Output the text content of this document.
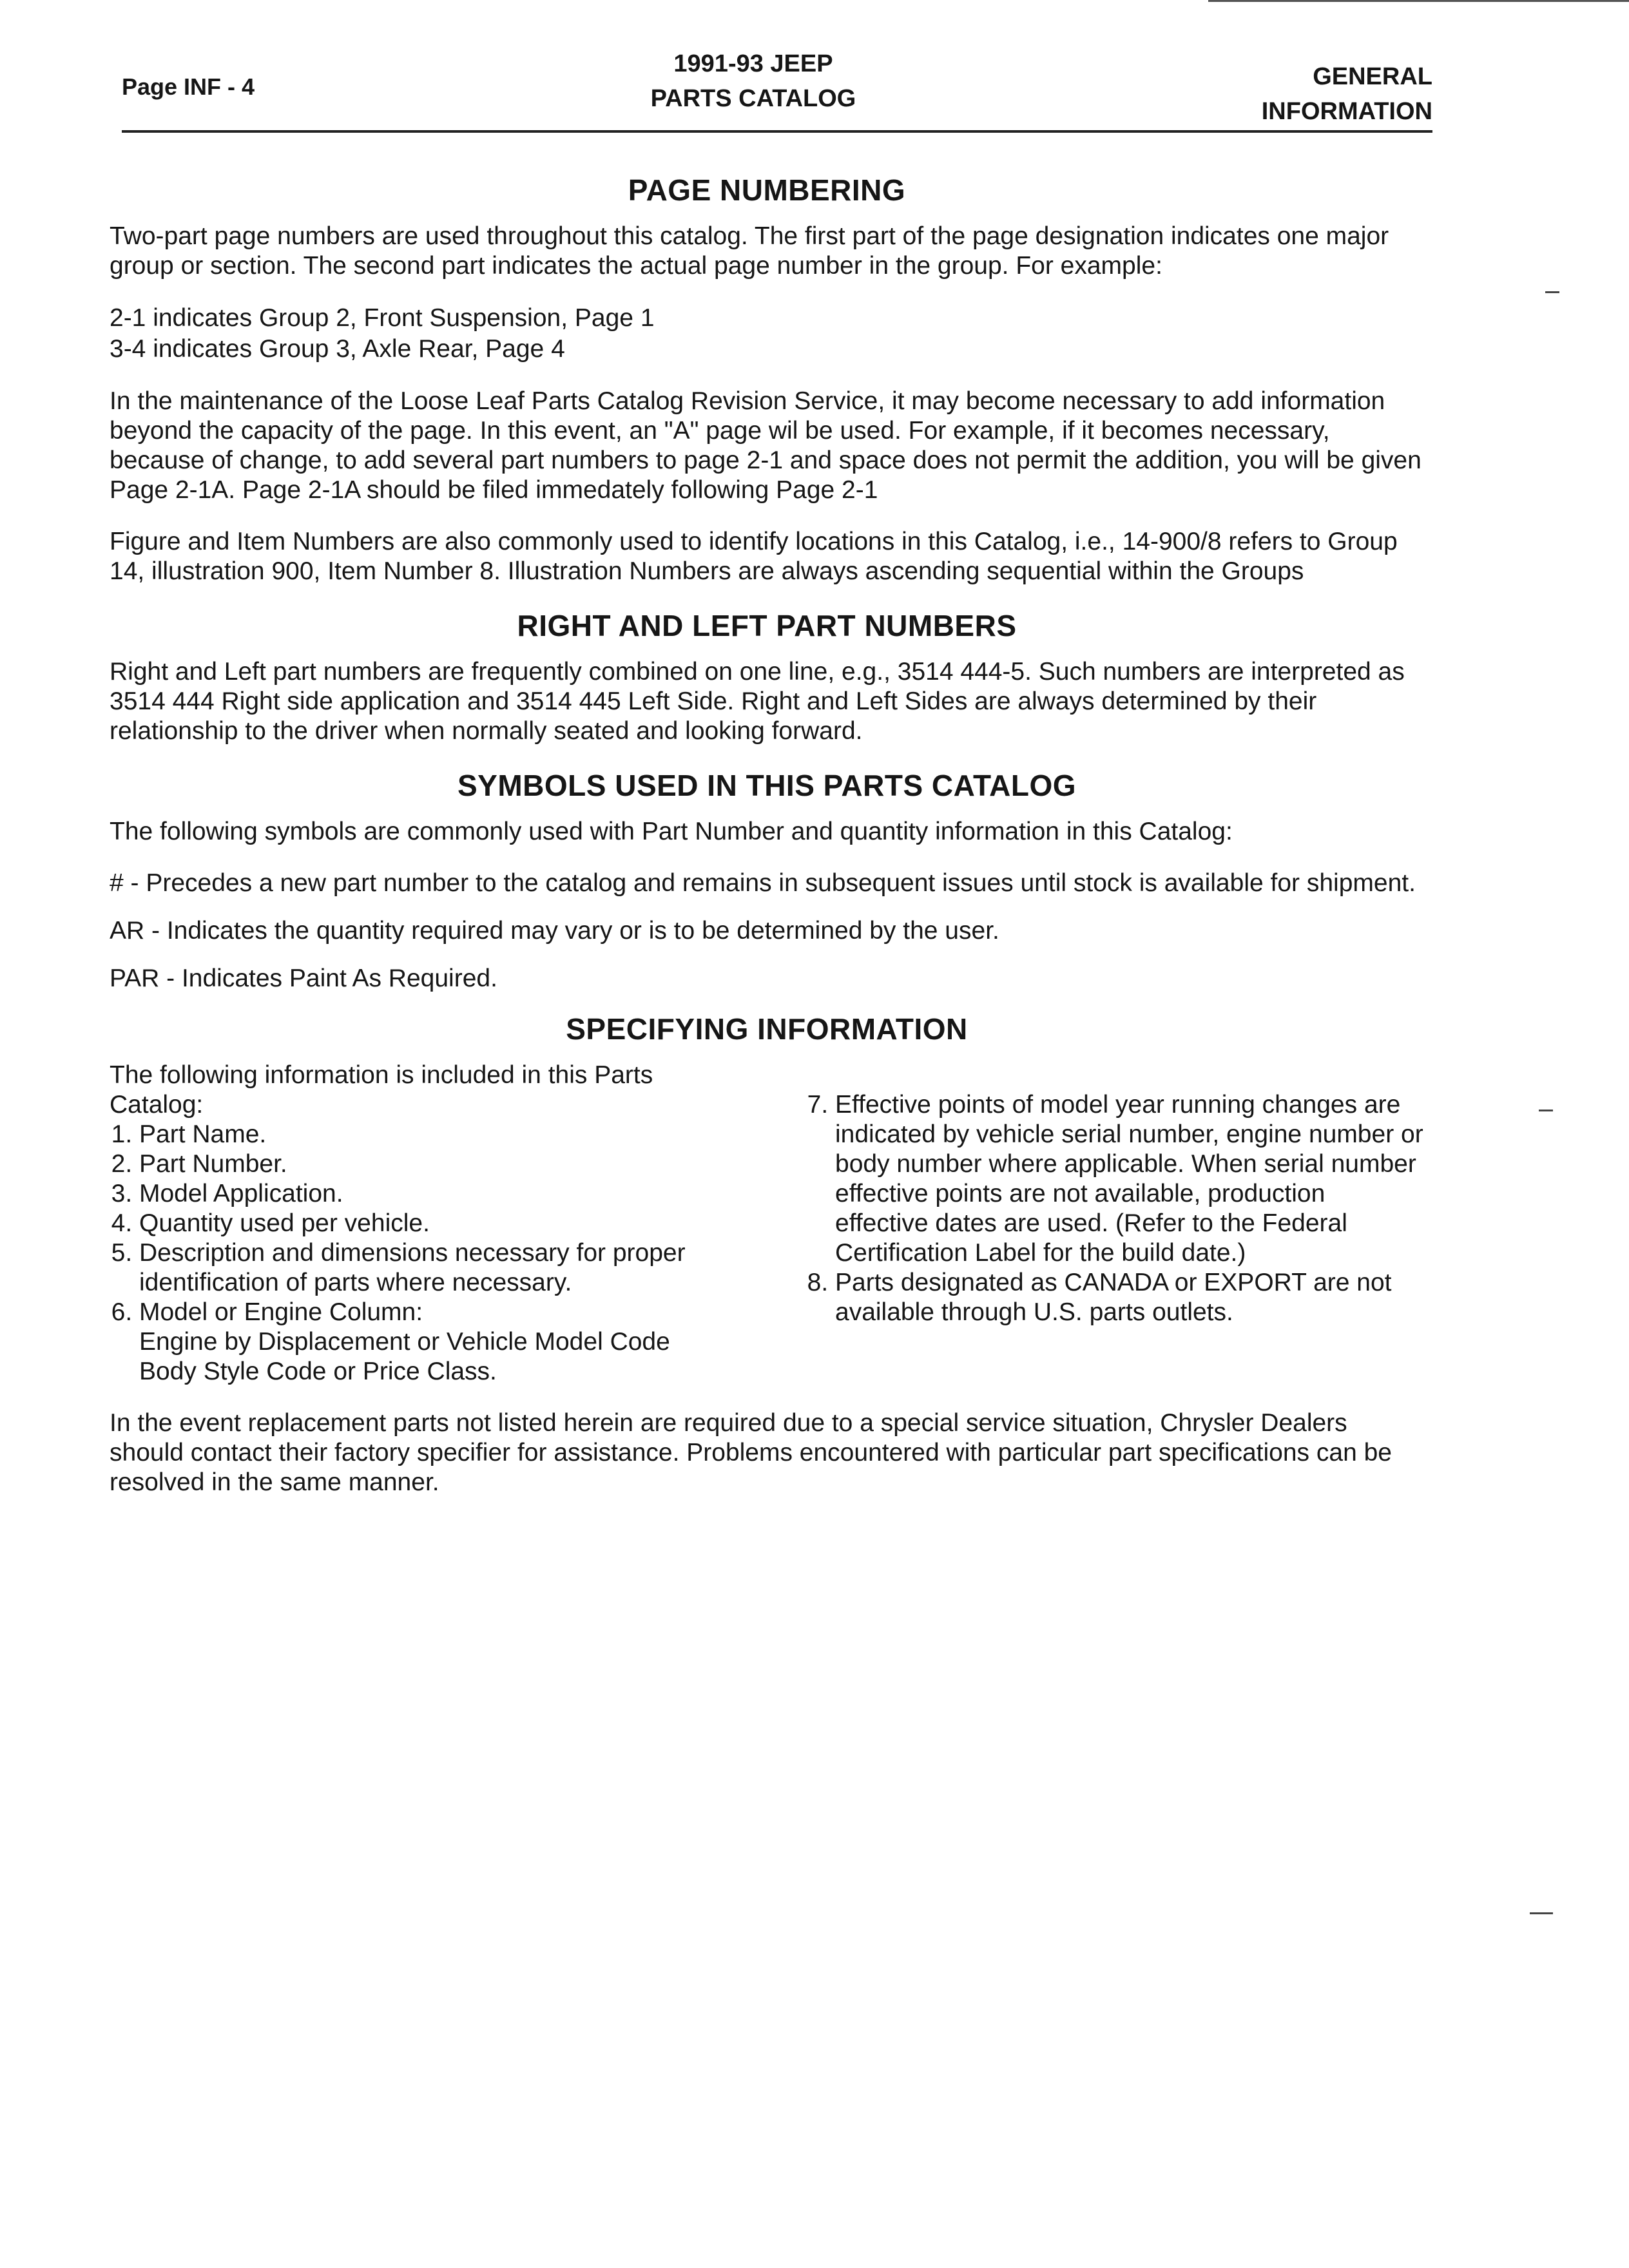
Page INF - 4
1991-93 JEEP
PARTS CATALOG
GENERAL
INFORMATION
PAGE NUMBERING

Two-part page numbers are used throughout this catalog. The first part of the page designation indicates one major group or section. The second part indicates the actual page number in the group. For example:

2-1 indicates Group 2, Front Suspension, Page 1
3-4 indicates Group 3, Axle Rear, Page 4

In the maintenance of the Loose Leaf Parts Catalog Revision Service, it may become necessary to add information beyond the capacity of the page. In this event, an "A" page wil be used. For example, if it becomes necessary, because of change, to add several part numbers to page 2-1 and space does not permit the addition, you will be given Page 2-1A. Page 2-1A should be filed immedately following Page 2-1

Figure and Item Numbers are also commonly used to identify locations in this Catalog, i.e., 14-900/8 refers to Group 14, illustration 900, Item Number 8. Illustration Numbers are always ascending sequential within the Groups

RIGHT AND LEFT PART NUMBERS

Right and Left part numbers are frequently combined on one line, e.g., 3514 444-5. Such numbers are interpreted as 3514 444 Right side application and 3514 445 Left Side. Right and Left Sides are always determined by their relationship to the driver when normally seated and looking forward.

SYMBOLS USED IN THIS PARTS CATALOG

The following symbols are commonly used with Part Number and quantity information in this Catalog:

# - Precedes a new part number to the catalog and remains in subsequent issues until stock is available for shipment.
AR - Indicates the quantity required may vary or is to be determined by the user.
PAR - Indicates Paint As Required.
SPECIFYING INFORMATION
The following information is included in this Parts Catalog:
1. Part Name.
2. Part Number.
3. Model Application.
4. Quantity used per vehicle.
5. Description and dimensions necessary for proper identification of parts where necessary.
6. Model or Engine Column:
Engine by Displacement or Vehicle Model Code Body Style Code or Price Class.
7. Effective points of model year running changes are indicated by vehicle serial number, engine number or body number where applicable. When serial number effective points are not available, production effective dates are used. (Refer to the Federal Certification Label for the build date.)
8. Parts designated as CANADA or EXPORT are not available through U.S. parts outlets.

In the event replacement parts not listed herein are required due to a special service situation, Chrysler Dealers should contact their factory specifier for assistance. Problems encountered with particular part specifications can be resolved in the same manner.
